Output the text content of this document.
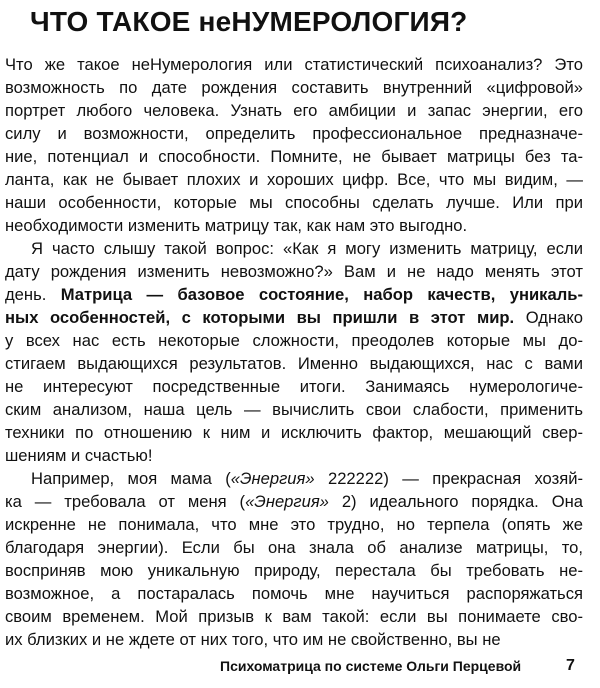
ЧТО ТАКОЕ неНУМЕРОЛОГИЯ?
Что же такое неНумерология или статистический психоанализ? Это
возможность по дате рождения составить внутренний «цифровой»
портрет любого человека. Узнать его амбиции и запас энергии, его
силу и возможности, определить профессиональное предназначе-
ние, потенциал и способности. Помните, не бывает матрицы без та-
ланта, как не бывает плохих и хороших цифр. Все, что мы видим, —
наши особенности, которые мы способны сделать лучше. Или при
необходимости изменить матрицу так, как нам это выгодно.
Я часто слышу такой вопрос: «Как я могу изменить матрицу, если
дату рождения изменить невозможно?» Вам и не надо менять этот
день. Матрица — базовое состояние, набор качеств, уникаль-
ных особенностей, с которыми вы пришли в этот мир. Однако
у всех нас есть некоторые сложности, преодолев которые мы до-
стигаем выдающихся результатов. Именно выдающихся, нас с вами
не интересуют посредственные итоги. Занимаясь нумерологиче-
ским анализом, наша цель — вычислить свои слабости, применить
техники по отношению к ним и исключить фактор, мешающий свер-
шениям и счастью!
Например, моя мама («Энергия» 222222) — прекрасная хозяй-
ка — требовала от меня («Энергия» 2) идеального порядка. Она
искренне не понимала, что мне это трудно, но терпела (опять же
благодаря энергии). Если бы она знала об анализе матрицы, то,
восприняв мою уникальную природу, перестала бы требовать не-
возможное, а постаралась помочь мне научиться распоряжаться
своим временем. Мой призыв к вам такой: если вы понимаете сво-
их близких и не ждете от них того, что им не свойственно, вы не
Психоматрица по системе Ольги Перцевой	7
